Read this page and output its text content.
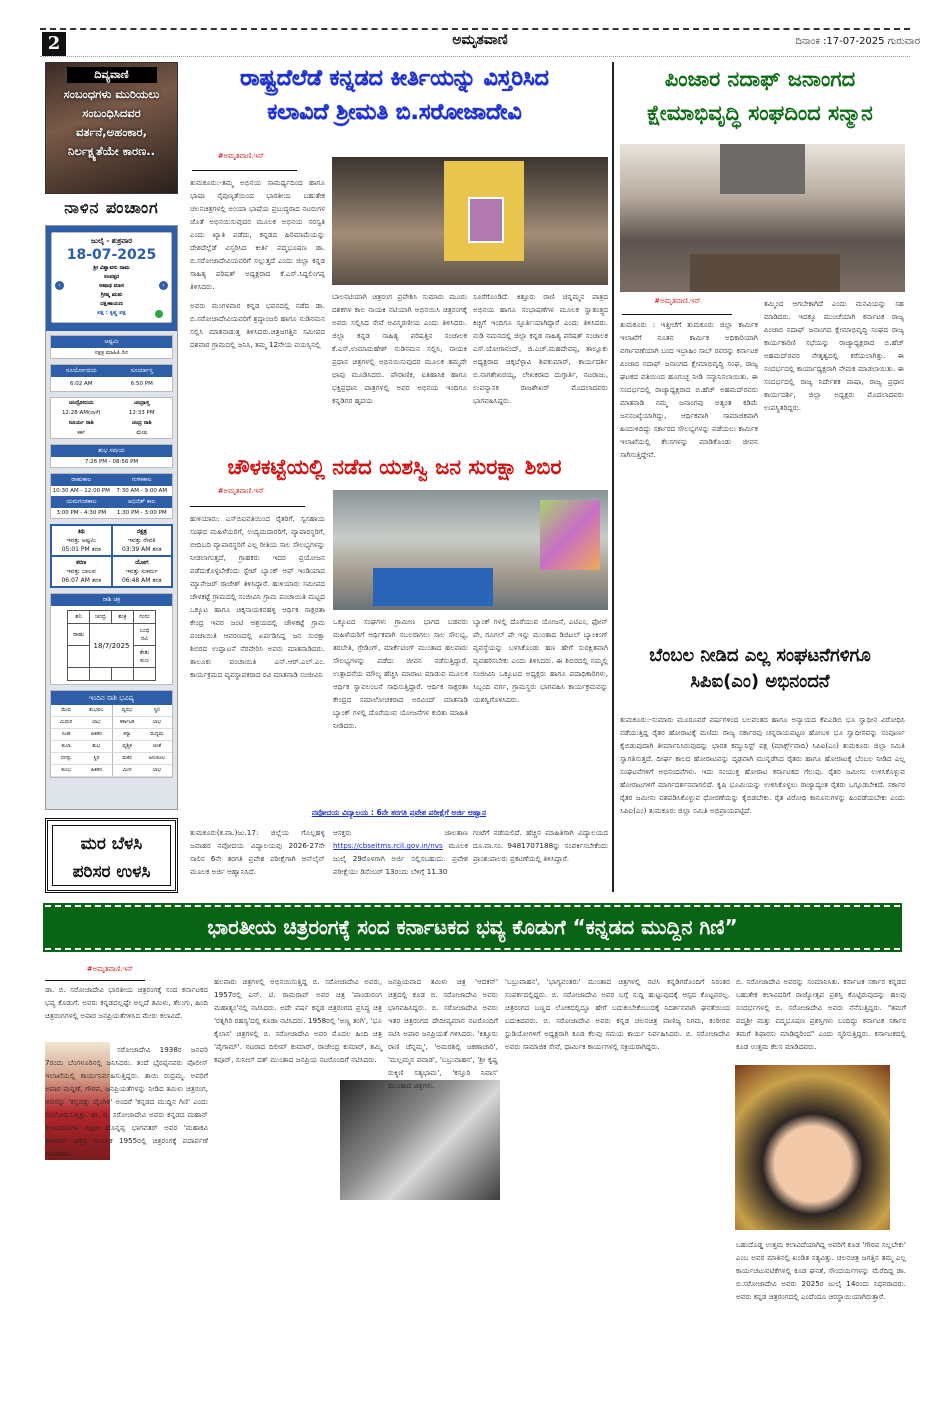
2	ಅಮೃತವಾಣಿ	ದಿನಾಂಕ :17-07-2025 ಗುರುವಾರ
ದಿವ್ಯವಾಣಿ
ಸಂಬಂಧಗಳು ಮುರಿಯಲು ಸಂಬಂಧಿಸಿದವರ ವರ್ತನೆ,ಅಹಂಕಾರ, ನಿರ್ಲಕ್ಷ್ಯತೆಯೇ ಕಾರಣ..
ನಾಳಿನ ಪಂಚಾಂಗ
ಜುಲೈ - ಶುಕ್ರವಾರ
18-07-2025
ಶ್ರೀ ವಿಶ್ವಾವಸು ನಾಮ
ಸಂವತ್ಸರ
ಆಷಾಢ ಮಾಸ
ಗ್ರೀಷ್ಮ ಋತು
ದಕ್ಷಿಣಾಯಣ
ಪಕ್ಷ : ಕೃಷ್ಣ ಪಕ್ಷ
‹	›
ಅಷ್ಟಮಿ
ನಕ್ಷತ್ರ ಮಾಹಿತಿ ದಿನ
ಸೂರ್ಯೋದಯ	ಸೂರ್ಯಾಸ್ತ
6:02 AM	6:50 PM
ಚಂದ್ರೋದಯ	ಚಂದ್ರಾಸ್ತ
12:28 AM(ನಾಳೆ)	12:33 PM
ಸೂರ್ಯ ರಾಶಿ	ಚಂದ್ರ ರಾಶಿ
ಕರ್ಕ	ಮೇಷ
ಶುಭ ಸಮಯ
7:26 PM - 08:56 PM
ರಾಹುಕಾಲ	ಗುಳಿಕಕಾಲ
10:30 AM - 12:00 PM	7:30 AM - 9:00 AM
ಯಮಗಂಡಕಾಲ	ಅಭಿಜಿತ್ ಕಾಲ
3:00 PM - 4:30 PM	1:30 PM - 3:00 PM
ತಿಥಿ
ಇವತ್ತು ಅಷ್ಟಮಿ
05:01 PM ತನಕ
ನಕ್ಷತ್ರ
ಇವತ್ತು ರೇವತಿ
03:39 AM ತನಕ
ಕರಣ
ಇವತ್ತು ಬಾಲವ
06:07 AM ತನಕ
ಯೋಗ
ಇವತ್ತು ಸುಕರ್ಮ
06:48 AM ತನಕ
ರಾಶಿ ಚಕ್ರ
ಶನಿ	ಚಂದ್ರ	ಶುಕ್ರ	ಗುರು
ರಾಹು	18/7/2025	ಬುಧ
ರವಿ
	ಕೇತು
ಕುಜ

ಇಂದಿನ ರಾಶಿ ಭವಿಷ್ಯ
ಮೇಷ	ಶುಭಫಲ	ವೃಷಭ	ಸ್ಥಿರ
ಮಿಥುನ	ಲಾಭ	ಕರ್ಕಾಟಕ	ಲಾಭ
ಸಿಂಹ	ಹಿತಕರ	ಕನ್ಯಾ	ಮಧ್ಯಮ
ತುಲಾ	ಶುಭ	ವೃಶ್ಚಿಕ	ಚಿಂತೆ
ಧನಸ್ಸು	ಸ್ಥಿರ	ಮಕರ	ಅನುಕೂಲ
ಕುಂಭ	ಹಿತಕರ	ಮೀನ	ಲಾಭ
ಮರ ಬೆಳಸಿ
ಪರಿಸರ ಉಳಸಿ
ರಾಷ್ಟ್ರದೆಲೆಡೆ ಕನ್ನಡದ ಕೀರ್ತಿಯನ್ನು ವಿಸ್ತರಿಸಿದ
ಕಲಾವಿದೆ ಶ್ರೀಮತಿ ಬಿ.ಸರೋಜಾದೇವಿ
#ಅಮೃತವಾಣಿ.ಇನ್

ತುಮಕೂರು:-ತಮ್ಮ ಅಭಿನಯ ಸಾಮರ್ಥ್ಯದಿಂದ ಹಾಗೂ ಭಾಷಾ ನೈಪುಣ್ಯತೆಯಿಂದ ಭಾರತೀಯ ಬಹುತೇಕ ಚಲನಚಿತ್ರಗಳಲ್ಲಿ ಅಂಯಾ ಭಾಷೆಯ ಪ್ರಬುದ್ಧರಾದ ನಟರುಗಳ ಜೊತೆ ಅಭಿನಯಿಸುವುದರ ಮೂಲಕ ಅಭಿನಯ ಸರಸ್ವತಿ ಎಂದು ಖ್ಯಾತಿ ಪಡೆದು, ಕನ್ನಡದ ಹಿರಿಮಾಮೆಯನ್ನು ದೇಶದೆಲ್ಲೆಡೆ ವಿಸ್ತರಿಸಿದ ಕೀರ್ತಿ ಪದ್ಮಭೂಷಣ ಡಾ. ಬಿ.ಸರೋಜಾದೇವಿಯವರಿಗೆ ಸಲ್ಲುತ್ತದೆ ಎಂದು ಜಿಲ್ಲಾ ಕನ್ನಡ ಸಾಹಿತ್ಯ ಪರಿಷತ್ ಅಧ್ಯಕ್ಷರಾದ ಕೆ.ಎಸ್.ಸಿದ್ದಲಿಂಗಪ್ಪ ತಿಳಿಸಿದರು.

ಅವರು ಮಂಗಳವಾರ ಕನ್ನಡ ಭವನದಲ್ಲಿ ನಡೆದ ಡಾ. ಬಿ.ಸರೋಜಾದೇವಿಯವರಿಗೆ ಶ್ರದ್ಧಾಂಜಲಿ ಹಾಗೂ ನುಡಿನಮನ ಸಲ್ಲಿಸಿ ಮಾತನಾಡುತ್ತ ತಿಳಿಸಿದರು.ಚಿತ್ರಜಗತ್ತಿನ ಸಮೀಪದ ದಶವಾರ ಗ್ರಾಮದಲ್ಲಿ ಜನಿಸಿ, ತಮ್ಮ 12ನೇಯ ವಯಸ್ಸಿನಲ್ಲಿ

ಬಾಲನಟಿಯಾಗಿ ಚಿತ್ರರಂಗ ಪ್ರವೇಶಿಸಿ ಸುಮಾರು ಮೂರು ದಶಕಗಳ ಕಾಲ ನಾಯಕಿ ನಟಿಯಾಗಿ ಅಭಿನಯಿಸಿ ಚಿತ್ರರಂಗಕ್ಕೆ ಅವರು ಸಲ್ಲಿಸಿದ ಸೇವೆ ಅವಿಸ್ಮರಣೀಯ ಎಂದು ತಿಳಿಸಿದರು. ಜಿಲ್ಲಾ ಕನ್ನಡ ಸಾಹಿತ್ಯ ಪರಿಷತ್ತಿನ ಸಂಚಾಲಕ ಕೆ.ಎಸ್.ಉಮಾಮಹೇಶ್ ನುಡಿನಮನ ಸಲ್ಲಿಸಿ, ನಾಯಕಿ ಪ್ರಧಾನ ಚಿತ್ರಗಳಲ್ಲಿ ಅಭಿನಯಿಸುವುದರ ಮೂಲಕ ತಮ್ಮದೇ ಛಾಪು ಮೂಡಿಸಿದರು. ಪೌರಾಣಿಕ, ಐತಿಹಾಸಿಕ ಹಾಗೂ ಭಕ್ತಿಪ್ರಧಾನ ಪಾತ್ರಗಳಲ್ಲಿ ಅವರ ಅಭಿನಯ ಇಂದಿಗೂ ಕನ್ನಡಿಗರ ಹೃದಯ
ಸೂರೆಗೊಂಡಿದೆ. ಕಿತ್ತೂರು ರಾಣಿ ಚನ್ನಮ್ಮನ ಪಾತ್ರದ ಅಭಿನಯ ಹಾಗೂ ಸಂಭಾಷಣೆಗಳ ಮೂಲಕ ಸ್ವಾತಂತ್ರ್ಯದ ಕಿಚ್ಚಿಗೆ ಇಂದಿಗೂ ಸ್ಫೂರ್ತಿಯಾಗಿದ್ದಾರೆ ಎಂದು ತಿಳಿಸಿದರು. ನುಡಿ ನಮನದಲ್ಲಿ ಜಿಲ್ಲಾ ಕನ್ನಡ ಸಾಹಿತ್ಯ ಪರಿಷತ್ ಸಂಚಾಲಕ ಎಸ್.ಯೋಗಾನಂದ್, ಜಿ.ಎಚ್.ಮಹದೇವಪ್ಪ, ತಾಲ್ಲೂಕು ಅಧ್ಯಕ್ಷರಾದ ಚಿಕ್ಕಬೆಳ್ಳಾವಿ ಶಿವಕುಮಾರ್, ಕಾರ್ಯದರ್ಶಿ ಬಿ.ನಾಗಶೇಖರಯ್ಯ, ಲೇಖಕರಾದ ದುಗ್ಗಾರ್ತಿ, ನಟರಾಜು, ಉಪನ್ಯಾಸಕ ರಾಜಶೇಖರ್ ಮೊದಲಾದವರು ಭಾಗವಹಿಸಿದ್ದರು.
ಚೌಳಕಟ್ಟೆಯಲ್ಲಿ ನಡೆದ ಯಶಸ್ವಿ ಜನ ಸುರಕ್ಷಾ ಶಿಬಿರ
#ಅಮೃತವಾಣಿ.ಇನ್
ಹುಳಿಯಾರು: ಎಸ್‌ಬಿಐವತಿಯಿಂದ ರೈತರಿಗೆ, ಸ್ವಸಹಾಯ ಸಂಘದ ಮಹಿಳೆಯರಿಗೆ, ಉದ್ಯಮದಾರರಿಗೆ, ವ್ಯಾಪಾರಸ್ಥರಿಗೆ, ಬೀದಿಬದಿ ವ್ಯಾಪಾರಸ್ಥರಿಗೆ ಎಲ್ಲ ರೀತಿಯ ಸಾಲ ಸೌಲಭ್ಯಗಳನ್ನು ನೀಡಲಾಗುತ್ತದೆ, ಗ್ರಾಹಕರು ಇದರ ಪ್ರಯೋಜನ ಪಡೆದುಕೊಳ್ಳಬೇಕೆಂದು ಸ್ಟೇಟ್ ಬ್ಯಾಂಕ್ ಆಫ್ ಇಂಡಿಯಾದ ಮ್ಯಾನೇಜರ್ ರಾಜೇಶ್ ತಿಳಿಸಿದ್ದಾರೆ. ಹುಳಿಯಾರು ಸಮೀಪದ ಚೌಳಕಟ್ಟೆ ಗ್ರಾಮದಲ್ಲಿ ಸಂಜೀವಿನಿ ಗ್ರಾಮ ಪಂಚಾಯಿತಿ ಮಟ್ಟದ ಒಕ್ಕೂಟ ಹಾಗೂ ಚಿಕ್ಕನಾಯಕನಹಳ್ಳಿ ಆರ್ಥಿಕ ಸಾಕ್ಷರತಾ ಕೇಂದ್ರ ಇವರ ಜಂಟಿ ಆಶ್ರಯದಲ್ಲಿ ಚೌಳಕಟ್ಟೆ ಗ್ರಾಮ ಪಂಚಾಯಿತಿ ಆವರಣದಲ್ಲಿ ಏರ್ಪಡಿಸಿದ್ದ ಜನ ಸುರಕ್ಷಾ ಶಿಬಿರದ ಉದ್ಘಾಟನೆ ನೆರವೇರಿಸಿ ಅವರು ಮಾತನಾಡಿದರು. ತಾಲೂಕು ಪಂಚಾಯಿತಿ ಎನ್.ಆರ್.ಎಲ್.ಎಂ. ಕಾರ್ಯಕ್ರಮದ ವ್ಯವಸ್ಥಾಪಕರಾದ ರವಿ ಮಾತನಾಡಿ ಸಂಜೀವಿನಿ
ಒಕ್ಕೂಟದ ಸಂಘಗಳು ಗ್ರಾಮೀಣ ಭಾಗದ ಬಡವರು ಮಹಿಳೆಯರಿಗೆ ಆರ್ಥಿಕವಾಗಿ ಸಬಲರಾಗಲು ಸಾಲ ಸೌಲಭ್ಯ, ತರಬೇತಿ, ಗ್ರೇಡಿಂಗ್, ಮಾರ್ಕೆಟಿಂಗ್ ಮುಂತಾದ ಹಲವಾರು ಸೌಲಭ್ಯಗಳನ್ನು ಪಡೆದು ಜೀವನ ನಡೆಸುತ್ತಿದ್ದಾರೆ. ಉತ್ಪಾದನೆಯ ಮೌಲ್ಯ ಹೆಚ್ಚಿಸಿ ಮಾರಾಟ ಮಾಡುವ ಮೂಲಕ ಆರ್ಥಿಕ ಸ್ವಾವಲಂಬನೆ ಸಾಧಿಸುತ್ತಿದ್ದಾರೆ. ಆರ್ಥಿಕ ಸಾಕ್ಷರತಾ ಕೇಂದ್ರದ ಸಮಾಲೋಚಕರಾದ ಅರವಿಂದ್ ಮಾತನಾಡಿ ಬ್ಯಾಂಕ್ ಗಳಲ್ಲಿ ದೊರೆಯುವ ಯೋಜನೆಗಳ ಕುರಿತು ಮಾಹಿತಿ ನೀಡಿದರು.
ಬ್ಯಾಂಕ್ ಗಳಲ್ಲಿ ದೊರೆಯುವ ಯೋಜನೆ, ಎಟಿಎಂ, ಫೋನ್ ಪೇ, ಗೂಗಲ್ ಪೇ ಇನ್ನು ಮುಂತಾದ ಡಿಜಿಟಲ್ ಬ್ಯಾಂಕಿಂಗ್ ವ್ಯವಸ್ಥೆಯನ್ನು ಬಳಸಿಕೊಂಡು ಹಣ ಹೇಗೆ ಸುರಕ್ಷಿತವಾಗಿ ವ್ಯವಹರಿಸಬೇಕು ಎಂದು ತಿಳಿಸಿದರು. ಈ ಶಿಬಿರದಲ್ಲಿ ನಮ್ಮಲ್ಲಿ ಸಂಜೀವಿನಿ ಒಕ್ಕೂಟದ ಅಧ್ಯಕ್ಷರು ಹಾಗೂ ಪದಾಧಿಕಾರಿಗಳು, ಸಿಬ್ಬಂದಿ ವರ್ಗ, ಗ್ರಾಮಸ್ಥರು ಭಾಗವಹಿಸಿ ಕಾರ್ಯಕ್ರಮವನ್ನು ಯಶಸ್ವಿಗೊಳಿಸಿದರು.
ನವೋದಯ ವಿದ್ಯಾಲಯ : 6ನೇ ತರಗತಿ ಪ್ರವೇಶ ಪರೀಕ್ಷೆಗೆ ಅರ್ಜಿ ಆಹ್ವಾನ
ತುಮಕೂರು(ಕ.ವಾ.)ಜು.17: ಜಿಲ್ಲೆಯ ಗೊಲ್ಲಹಳ್ಳಿ ಜವಾಹರ ನವೋದಯ ವಿದ್ಯಾಲಯವು 2026-27ನೇ ಸಾಲಿನ 6ನೇ ತರಗತಿ ಪ್ರವೇಶ ಪರೀಕ್ಷೆಗಾಗಿ ಆನ್‌ಲೈನ್ ಮೂಲಕ ಅರ್ಜಿ ಆಹ್ವಾನಿಸಿದೆ.
ಆಸಕ್ತರು ಜಾಲತಾಣ https://cbseitms.rcil.gov.in/nvs ಮೂಲಕ ಜುಲೈ 29ರೊಳಗಾಗಿ ಅರ್ಜಿ ಸಲ್ಲಿಸಬಹುದು. ಪ್ರವೇಶ ಪರೀಕ್ಷೆಯು ಡಿಸೆಂಬರ್ 13ರಂದು ಬೆಳಿಗ್ಗೆ 11.30
ಗಂಟೆಗೆ ನಡೆಯಲಿದೆ. ಹೆಚ್ಚಿನ ಮಾಹಿತಿಗಾಗಿ ವಿದ್ಯಾಲಯದ ದೂ.ವಾ.ಸಂ. 9481707188ನ್ನು ಸಂಪರ್ಕಿಸಬೇಕೆಂದು ಪ್ರಾಂಶುಪಾಲರು ಪ್ರಕಟಣೆಯಲ್ಲಿ ತಿಳಿಸಿದ್ದಾರೆ.
ಪಿಂಜಾರ ನದಾಫ್ ಜನಾಂಗದ
ಕ್ಷೇಮಾಭಿವೃದ್ಧಿ ಸಂಘದಿಂದ ಸನ್ಮಾನ
#ಅಮೃತವಾಣಿ.ಇನ್
ತುಮಕೂರು : ಇತ್ತೀಚೆಗೆ ತುಮಕೂರು ಜಿಲ್ಲಾ ಕಾರ್ಮಿಕ ಇಲಾಖೆಗೆ ನೂತನ ಕಾರ್ಮಿಕ ಅಧಿಕಾರಿಯಾಗಿ ವರ್ಗಾವಣೆಯಾಗಿ ಬಂದ ಇಬ್ರಾಹಿಂ ಸಾಬ್ ರವರನ್ನು ಕರ್ನಾಟಕ ಪಿಂಜಾರ ನದಾಫ್ ಜನಾಂಗದ ಕ್ಷೇಮಾಭಿವೃದ್ಧಿ ಸಂಘ, ರಾಜ್ಯ ಘಟಕದ ವತಿಯಿಂದ ಹೂಗುಚ್ಛ ನೀಡಿ ಸನ್ಮಾನಿಸಲಾಯಿತು. ಈ ಸಂದರ್ಭದಲ್ಲಿ ರಾಜ್ಯಾಧ್ಯಕ್ಷರಾದ ಬಿ.ಹೆಚ್ ಅಹಮದ್‌ರವರು ಮಾತನಾಡಿ ನಮ್ಮ ಜನಾಂಗವು ಅತ್ಯಂತ ಕಡಿಮೆ ಜನಸಂಖ್ಯೆಯಾಗಿದ್ದು, ಆರ್ಥಿಕವಾಗಿ ಸಾಮಾಜಿಕವಾಗಿ ಹಿಂದುಳಿದಿದ್ದು ಸರ್ಕಾರದ ಸೌಲಭ್ಯಗಳನ್ನು ಪಡೆಯಲು ಕಾರ್ಮಿಕ ಇಲಾಖೆಯಲ್ಲಿ ಕೆಲಸಗಳನ್ನು ಮಾಡಿಕೊಂಡು ಜೀವನ ಸಾಗಿಸುತ್ತಿದ್ದೇವೆ.
ತಮ್ಮಿಂದ ಆಗಬೇಕಾಗಿದೆ ಎಂದು ಮನವಿಯನ್ನು ಸಹ ಮಾಡಿದರು. ಇದಕ್ಕೂ ಮುಂಚೆಯಾಗಿ ಕರ್ನಾಟಕ ರಾಜ್ಯ ಪಿಂಜಾರ ನದಾಫ್ ಜನಾಂಗದ ಕ್ಷೇಮಾಭಿವೃದ್ಧಿ ಸಂಘದ ರಾಜ್ಯ ಕಾರ್ಯಕಾರಿಣಿ ಸಭೆಯನ್ನು ರಾಜ್ಯಾಧ್ಯಕ್ಷರಾದ ಬಿ.ಹೆಚ್ ಅಹಮದ್‌ರವರ ನೇತೃತ್ವದಲ್ಲಿ ಕರೆಯಲಾಗಿತ್ತು. ಈ ಸಂದರ್ಭದಲ್ಲಿ ಕಾರ್ಯಾಧ್ಯಕ್ಷರಾಗಿ ನೇಮಕ ಮಾಡಲಾಯಿತು. ಈ ಸಂದರ್ಭದಲ್ಲಿ ರಾಜ್ಯ ನಿರ್ದೇಶಕ ಪಾಷಾ, ರಾಜ್ಯ ಪ್ರಧಾನ ಕಾರ್ಯದರ್ಶಿ, ಜಿಲ್ಲಾ ಅಧ್ಯಕ್ಷರು ಮೊದಲಾದವರು ಉಪಸ್ಥಿತರಿದ್ದರು.
ಬೆಂಬಲ ನೀಡಿದ ಎಲ್ಲ ಸಂಘಟನೆಗಳಿಗೂ
ಸಿಪಿಐ(ಎಂ) ಅಭಿನಂದನೆ
ತುಮಕೂರು:-ಸುಮಾರು ಮೂರೂವರೆ ವರ್ಷಗಳಿಂದ ಬಲವಂತದ ಹಾಗೂ ಅನ್ಯಾಯದ ಕೆಐಎಡಿಬಿ ಭೂ ಸ್ವಾಧೀನ ವಿರೋಧಿಸಿ ನಡೆಯುತ್ತಿದ್ದ ರೈತರ ಹೋರಾಟಕ್ಕೆ ಮಣಿದು ರಾಜ್ಯ ಸರ್ಕಾರವು ಚನ್ನರಾಯಪಟ್ಟಣ ಹೋಬಳಿ ಭೂ ಸ್ವಾಧೀನವನ್ನು ಸಂಪೂರ್ಣ ಕೈಬಿಡುವುದಾಗಿ ತೀರ್ಮಾನಿಸಿರುವುದನ್ನು ಭಾರತ ಕಮ್ಯುನಿಸ್ಟ್ ಪಕ್ಷ (ಮಾರ್ಕ್ಸ್‌ವಾದಿ) ಸಿಪಿಐ(ಎಂ) ತುಮಕೂರು ಜಿಲ್ಲಾ ಸಮಿತಿ ಸ್ವಾಗತಿಸುತ್ತದೆ. ದೀರ್ಘ ಕಾಲದ ಹೋರಾಟವನ್ನು ದೃಢವಾಗಿ ಮುನ್ನಡೆಸಿದ ರೈತರು ಹಾಗೂ ಹೋರಾಟಕ್ಕೆ ಬೆಂಬಲ ನೀಡಿದ ಎಲ್ಲ ಸಂಘಟನೆಗಳಿಗೆ ಅಭಿನಂದನೆಗಳು. ಇದು ಸಂಯುಕ್ತ ಹೋರಾಟ ಕರ್ನಾಟಕದ ಗೆಲುವು. ರೈತರ ಜಮೀನು ಉಳಿಸಿಕೊಳ್ಳುವ ಹೋರಾಟಗಳಿಗೆ ಮಾರ್ಗದರ್ಶನವಾಗಲಿದೆ. ಕೃಷಿ ಭೂಮಿಯನ್ನು ಉಳಿಸಿಕೊಳ್ಳಲು ರಾಜ್ಯಾದ್ಯಂತ ರೈತರು ಒಗ್ಗೂಡಬೇಕಿದೆ. ಸರ್ಕಾರ ರೈತರ ಜಮೀನು ವಶಪಡಿಸಿಕೊಳ್ಳುವ ಧೋರಣೆಯನ್ನು ಕೈಬಿಡಬೇಕು. ರೈತ ವಿರೋಧಿ ಕಾನೂನುಗಳನ್ನು ಹಿಂಪಡೆಯಬೇಕು ಎಂದು ಸಿಪಿಐ(ಎಂ) ತುಮಕೂರು ಜಿಲ್ಲಾ ಸಮಿತಿ ಅಭಿಪ್ರಾಯಪಟ್ಟಿದೆ.
ಭಾರತೀಯ ಚಿತ್ರರಂಗಕ್ಕೆ ಸಂದ ಕರ್ನಾಟಕದ ಭವ್ಯ ಕೊಡುಗೆ “ಕನ್ನಡದ ಮುದ್ದಿನ ಗಿಣಿ”
#ಅಮೃತವಾಣಿ.ಇನ್
ಡಾ. ಬಿ. ಸರೋಜಾದೇವಿ ಭಾರತೀಯ ಚಿತ್ರರಂಗಕ್ಕೆ ಸಂದ ಕರ್ನಾಟಕದ ಭವ್ಯ ಕೊಡುಗೆ. ಅವರು ಕನ್ನಡದಲ್ಲಷ್ಟೇ ಅಲ್ಲದೆ ತಮಿಳು, ತೆಲುಗು, ಹಿಂದಿ ಚಿತ್ರರಂಗಗಳಲ್ಲಿ ಅಪಾರ ಜನಪ್ರಿಯತೆಗಳಿಸಿದ ಮೇರು ಕಲಾವಿದೆ.
ಸರೋಜಾದೇವಿ 1938ರ ಜನವರಿ 7ರಂದು ಬೆಂಗಳೂರಿನಲ್ಲಿ ಜನಿಸಿದರು. ತಂದೆ ಭೈರಪ್ಪನವರು ಪೊಲೀಸ್ ಇಲಾಖೆಯಲ್ಲಿ ಕಾರ್ಯನಿರ್ವಹಿಸುತ್ತಿದ್ದರು. ತಾಯಿ ರುದ್ರಮ್ಮ. ಅವರಿಗೆ ಅಪಾರ ಮನ್ನಣೆ, ಗೌರವ, ಜನಪ್ರಿಯತೆಗಳನ್ನು ನೀಡಿದ ತಮಿಳು ಚಿತ್ರರಂಗ, ಅವರನ್ನು 'ಕನ್ನಡತ್ತು ಪೈಂಗಿಳಿ' ಅಂದರೆ 'ಕನ್ನಡದ ಮುದ್ದಿನ ಗಿಣಿ' ಎಂದು ಸಂಬೋಧಿಸುತ್ತಿತ್ತು. ಡಾ. ಬಿ. ಸರೋಜಾದೇವಿ ಅವರು ಕನ್ನಡದ ಮಹಾನ್ ಕಲಾವಿದರುಗಳ ದಿಗ್ಗಜ ಹೊನ್ನಪ್ಪ ಭಾಗವತರ್ ಅವರ 'ಮಹಾಕವಿ ಕಾಳಿದಾಸ' ಚಿತ್ರದ ಮೂಲಕ 1955ರಲ್ಲಿ ಚಿತ್ರರಂಗಕ್ಕೆ ಪದಾರ್ಪಣೆ ಮಾಡಿದರು.
ಹಲವಾರು ಚಿತ್ರಗಳಲ್ಲಿ ಅಭಿನಯಿಸುತ್ತಿದ್ದ ಬಿ. ಸರೋಜಾದೇವಿ ಅವರು, 1957ರಲ್ಲಿ ಎನ್. ಟಿ. ರಾಮರಾವ್ ಅವರ ಚಿತ್ರ 'ಪಾಂಡುರಂಗ ಮಹಾತ್ಯಂ'ನಲ್ಲಿ ನಟಿಸಿದರು. ಅದೇ ವರ್ಷ ಕನ್ನಡ ಚಿತ್ರರಂಗದ ಪ್ರಸಿದ್ಧ ಚಿತ್ರ 'ರತ್ನಗಿರಿ ರಹಸ್ಯ'ದಲ್ಲಿ ಕೂಡಾ ನಟಿಸಿದರು. 1958ರಲ್ಲಿ 'ಅಣ್ಣ ತಂಗಿ', 'ಭೂ ಕೈಲಾಸ' ಚಿತ್ರಗಳಲ್ಲಿ ಬಿ. ಸರೋಜಾದೇವಿ ಅವರ ಮೊದಲ ಹಿಂದಿ ಚಿತ್ರ 'ಪೈಗಾಮ್'. ನಟರಾದ ದಿಲೀಪ್ ಕುಮಾರ್, ರಾಜೇಂದ್ರ ಕುಮಾರ್, ಶಮ್ಮಿ ಕಪೂರ್, ಸುನೀಲ್ ದತ್ ಮುಂತಾದ ಜನಪ್ರಿಯ ನಟರೊಂದಿಗೆ ನಟಿಸಿದರು.
ಜನಪ್ರಿಯವಾದ ತಮಿಳು ಚಿತ್ರ 'ಆದಕನ್' ಚಿತ್ರದಲ್ಲಿ ಕೂಡ ಬಿ. ಸರೋಜಾದೇವಿ ಅವರು ಭಾಗವಹಿಸಿದ್ದರು. ಬಿ. ಸರೋಜಾದೇವಿ ಅವರು ಇತರ ಚಿತ್ರರಂಗದ ದೇದೀಪ್ಯಮಾನ ನಟರೊಂದಿಗೆ ನಟಿಸಿ ಅಪಾರ ಜನಪ್ರಿಯತೆ ಗಳಿಸಿದರು. 'ಕಿತ್ತೂರು ರಾಣಿ ಚೆನ್ನಮ್ಮ', 'ಅಮರಶಿಲ್ಪಿ ಜಕಣಾಚಾರಿ', 'ಮಲ್ಲಮ್ಮನ ಪವಾಡ', 'ಬಬ್ರುವಾಹನ', 'ಶ್ರೀ ಕೃಷ್ಣ ರುಕ್ಮಿಣಿ ಸತ್ಯಭಾಮ', 'ಕಸ್ತೂರಿ ನಿವಾಸ' ಮುಂತಾದ ಚಿತ್ರಗಳು.
'ಬಬ್ರುವಾಹನ', 'ಭಾಗ್ಯವಂತರು' ಮುಂತಾದ ಚಿತ್ರಗಳಲ್ಲಿ ನಟಿಸಿ ಕನ್ನಡಿಗರೊಂದಿಗೆ ನಿರಂತರ ಸಂಪರ್ಕದಲ್ಲಿದ್ದರು. ಬಿ. ಸರೋಜಾದೇವಿ ಅವರ ಬಗ್ಗೆ ಸುದ್ದಿ ಹುಟ್ಟುವುದಕ್ಕೆ ಆಸ್ಪದ ಕೊಟ್ಟವರಲ್ಲ. ಚಿತ್ರರಂಗದ ಬಣ್ಣದ ಲೋಕದಲ್ಲಿದ್ದೂ ಹೇಗೆ ಬದುಕುಬೇಕೆಂಬುದಕ್ಕೆ ನಿದರ್ಶನವಾಗಿ ಘನತೆಯಿಂದ ಬದುಕಿದವರು. ಬಿ. ಸರೋಜಾದೇವಿ ಅವರು ಕನ್ನಡ ಚಲನಚಿತ್ರ ವಾಣಿಜ್ಯ ನಿಗಮ, ಕಂಠೀರವ ಸ್ಟುಡಿಯೋಗಳಿಗೆ ಅಧ್ಯಕ್ಷರಾಗಿ ಕೂಡ ಕೆಲವು ಸಮಯ ಕಾರ್ಯ ನಿರ್ವಹಿಸಿದರು. ಬಿ. ಸರೋಜಾದೇವಿ ಅವರು ಸಾಮಾಜಿಕ ಸೇವೆ, ಧಾರ್ಮಿಕ ಕಾರ್ಯಗಳಲ್ಲಿ ಸಕ್ರಿಯರಾಗಿದ್ದರು.
ಬಿ. ಸರೋಜಾದೇವಿ ಅವರನ್ನು ಸಂಮಾನಿಸಿತು. ಕರ್ನಾಟಕ ಸರ್ಕಾರ ಕನ್ನಡದ ಬಹುತೇಕ ಕಲಾವಿದರಿಗೆ ರಾಜ್ಯೋತ್ಸವ ಪ್ರಶಸ್ತಿ ಕೊಟ್ಟಿರುವುದನ್ನು ಹಲವು ಸಂದರ್ಭಗಳಲ್ಲಿ ಬಿ. ಸರೋಜಾದೇವಿ ಅವರು ನೆನೆಸುತ್ತಿದ್ದರು. "ತಮಗೆ ಪದ್ಮಶ್ರೀ ಮತ್ತು ಪದ್ಮಭೂಷಣ ಪ್ರಶಸ್ತಿಗಳು ಬಂದಿದ್ದು ಕರ್ನಾಟಕ ಸರ್ಕಾರ ತಮಗೆ ಶಿಫಾರಸು ಮಾಡಿದ್ದರಿಂದ" ಎಂದು ಸ್ಮರಿಸುತ್ತಿದ್ದರು. ಕರ್ನಾಟಕದಲ್ಲಿ ಕೂಡ ಉತ್ತಮ ಕೆಲಸ ಮಾಡಿದವರು.
ಬಹುದೊಡ್ಡ ಉತ್ತಮ ಕಲಾವಿದೆಯಾಗಿದ್ದ ಅವರಿಗೆ ಕೂಡ 'ಗೌರವ ಸಲ್ಲಬೇಕು' ಎಂಬ ಅವರ ಮಾತಿನಲ್ಲಿ ಖಂಡಿತ ಸತ್ಯವಿತ್ತು. ಚಲನಚಿತ್ರ ಜಗತ್ತಿನ ತಮ್ಮ ಎಲ್ಲ ಕಾರ್ಯಚಟುವಟಿಕೆಗಳಲ್ಲಿ ಕೂಡ ಘನತೆ, ಸೌಂದರ್ಯಗಳನ್ನು ಮೆರೆದಿದ್ದ ಡಾ. ಬಿ.ಸರೋಜಾದೇವಿ ಅವರು 2025ರ ಜುಲೈ 14ರಂದು ನಿಧನರಾದರು. ಅವರು ಕನ್ನಡ ಚಿತ್ರರಂಗದಲ್ಲಿ ಎಂದೆಂದೂ ಚಿರಸ್ಥಾಯಿಯಾಗಿರುತ್ತಾರೆ.
